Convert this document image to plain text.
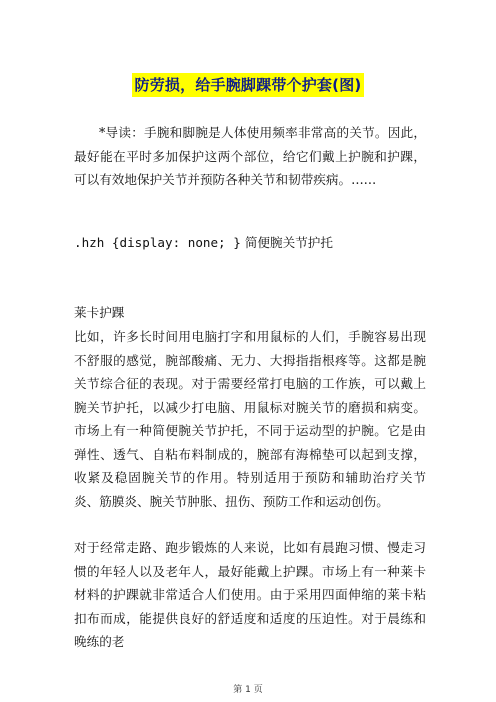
防劳损，给手腕脚踝带个护套(图)

*导读：手腕和脚腕是人体使用频率非常高的关节。因此，最好能在平时多加保护这两个部位，给它们戴上护腕和护踝，可以有效地保护关节并预防各种关节和韧带疾病。……

.hzh {display: none; } 简便腕关节护托

莱卡护踝

比如，许多长时间用电脑打字和用鼠标的人们，手腕容易出现不舒服的感觉，腕部酸痛、无力、大拇指指根疼等。这都是腕关节综合征的表现。对于需要经常打电脑的工作族，可以戴上腕关节护托，以减少打电脑、用鼠标对腕关节的磨损和病变。市场上有一种简便腕关节护托，不同于运动型的护腕。它是由弹性、透气、自粘布料制成的，腕部有海棉垫可以起到支撑，收紧及稳固腕关节的作用。特别适用于预防和辅助治疗关节炎、筋膜炎、腕关节肿胀、扭伤、预防工作和运动创伤。

对于经常走路、跑步锻炼的人来说，比如有晨跑习惯、慢走习惯的年轻人以及老年人，最好能戴上护踝。市场上有一种莱卡材料的护踝就非常适合人们使用。由于采用四面伸缩的莱卡粘扣布而成，能提供良好的舒适度和适度的压迫性。对于晨练和晚练的老

第 1 页
